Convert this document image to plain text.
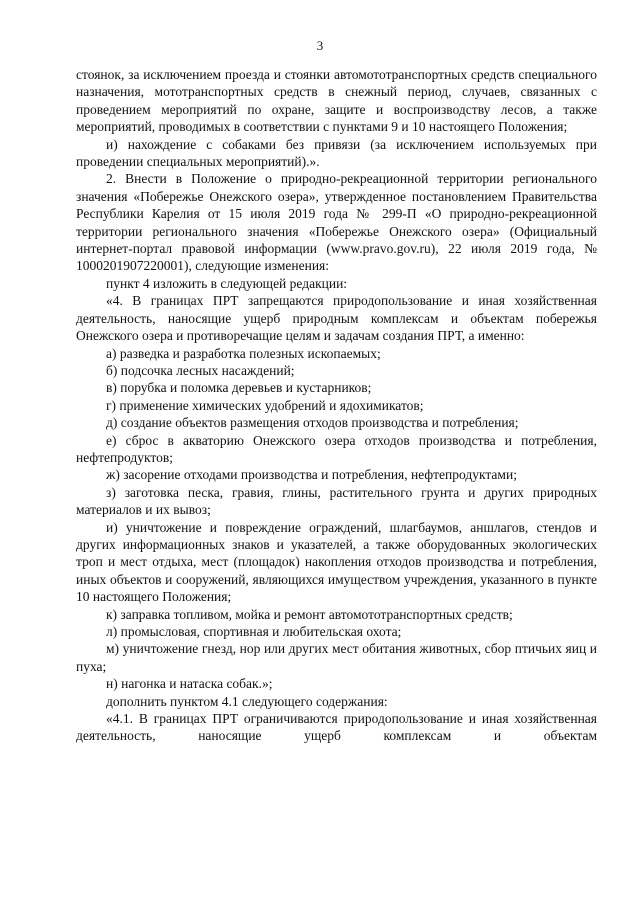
3

стоянок, за исключением проезда и стоянки автомототранспортных средств специального назначения, мототранспортных средств в снежный период, случаев, связанных с проведением мероприятий по охране, защите и воспроизводству лесов, а также мероприятий, проводимых в соответствии с пунктами 9 и 10 настоящего Положения;

и) нахождение с собаками без привязи (за исключением используемых при проведении специальных мероприятий).».

2. Внести в Положение о природно-рекреационной территории регионального значения «Побережье Онежского озера», утвержденное постановлением Правительства Республики Карелия от 15 июля 2019 года № 299-П «О природно-рекреационной территории регионального значения «Побережье Онежского озера» (Официальный интернет-портал правовой информации (www.pravo.gov.ru), 22 июля 2019 года, № 1000201907220001), следующие изменения:

пункт 4 изложить в следующей редакции:

«4. В границах ПРТ запрещаются природопользование и иная хозяйственная деятельность, наносящие ущерб природным комплексам и объектам побережья Онежского озера и противоречащие целям и задачам создания ПРТ, а именно:

а) разведка и разработка полезных ископаемых;

б) подсочка лесных насаждений;

в) порубка и поломка деревьев и кустарников;

г) применение химических удобрений и ядохимикатов;

д) создание объектов размещения отходов производства и потребления;

е) сброс в акваторию Онежского озера отходов производства и потребления, нефтепродуктов;

ж) засорение отходами производства и потребления, нефтепродуктами;

з) заготовка песка, гравия, глины, растительного грунта и других природных материалов и их вывоз;

и) уничтожение и повреждение ограждений, шлагбаумов, аншлагов, стендов и других информационных знаков и указателей, а также оборудованных экологических троп и мест отдыха, мест (площадок) накопления отходов производства и потребления, иных объектов и сооружений, являющихся имуществом учреждения, указанного в пункте 10 настоящего Положения;

к) заправка топливом, мойка и ремонт автомототранспортных средств;

л) промысловая, спортивная и любительская охота;

м) уничтожение гнезд, нор или других мест обитания животных, сбор птичьих яиц и пуха;

н) нагонка и натаска собак.»;

дополнить пунктом 4.1 следующего содержания:

«4.1. В границах ПРТ ограничиваются природопользование и иная хозяйственная деятельность, наносящие ущерб комплексам и объектам
